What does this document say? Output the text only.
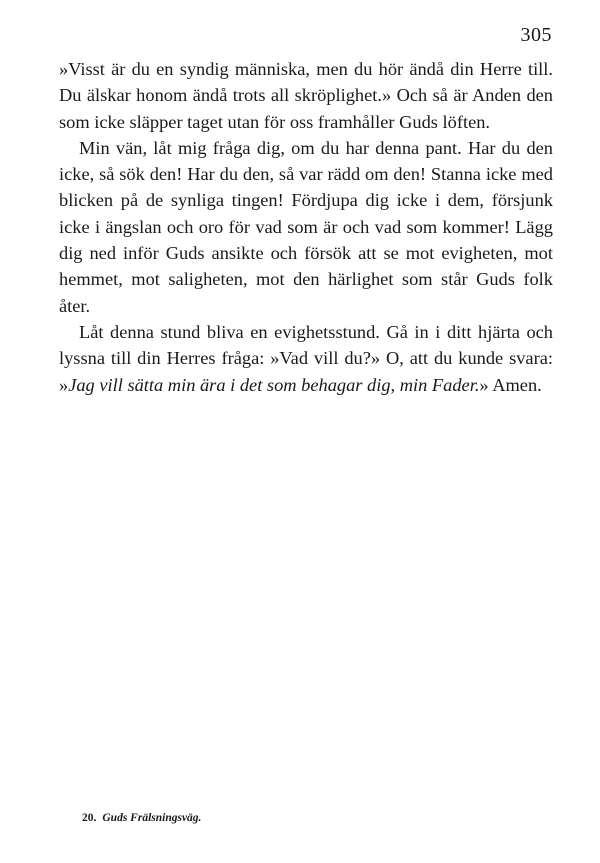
305

»Visst är du en syndig människa, men du hör ändå din Herre till. Du älskar honom ändå trots all skröplighet.» Och så är Anden den som icke släpper taget utan för oss framhåller Guds löften.

Min vän, låt mig fråga dig, om du har denna pant. Har du den icke, så sök den! Har du den, så var rädd om den! Stanna icke med blicken på de synliga tingen! Fördjupa dig icke i dem, försjunk icke i ängslan och oro för vad som är och vad som kommer! Lägg dig ned inför Guds ansikte och försök att se mot evigheten, mot hemmet, mot saligheten, mot den härlighet som står Guds folk åter.

Låt denna stund bliva en evighetsstund. Gå in i ditt hjärta och lyssna till din Herres fråga: »Vad vill du?» O, att du kunde svara: »Jag vill sätta min ära i det som behagar dig, min Fader.» Amen.

20. Guds Frälsningsväg.
